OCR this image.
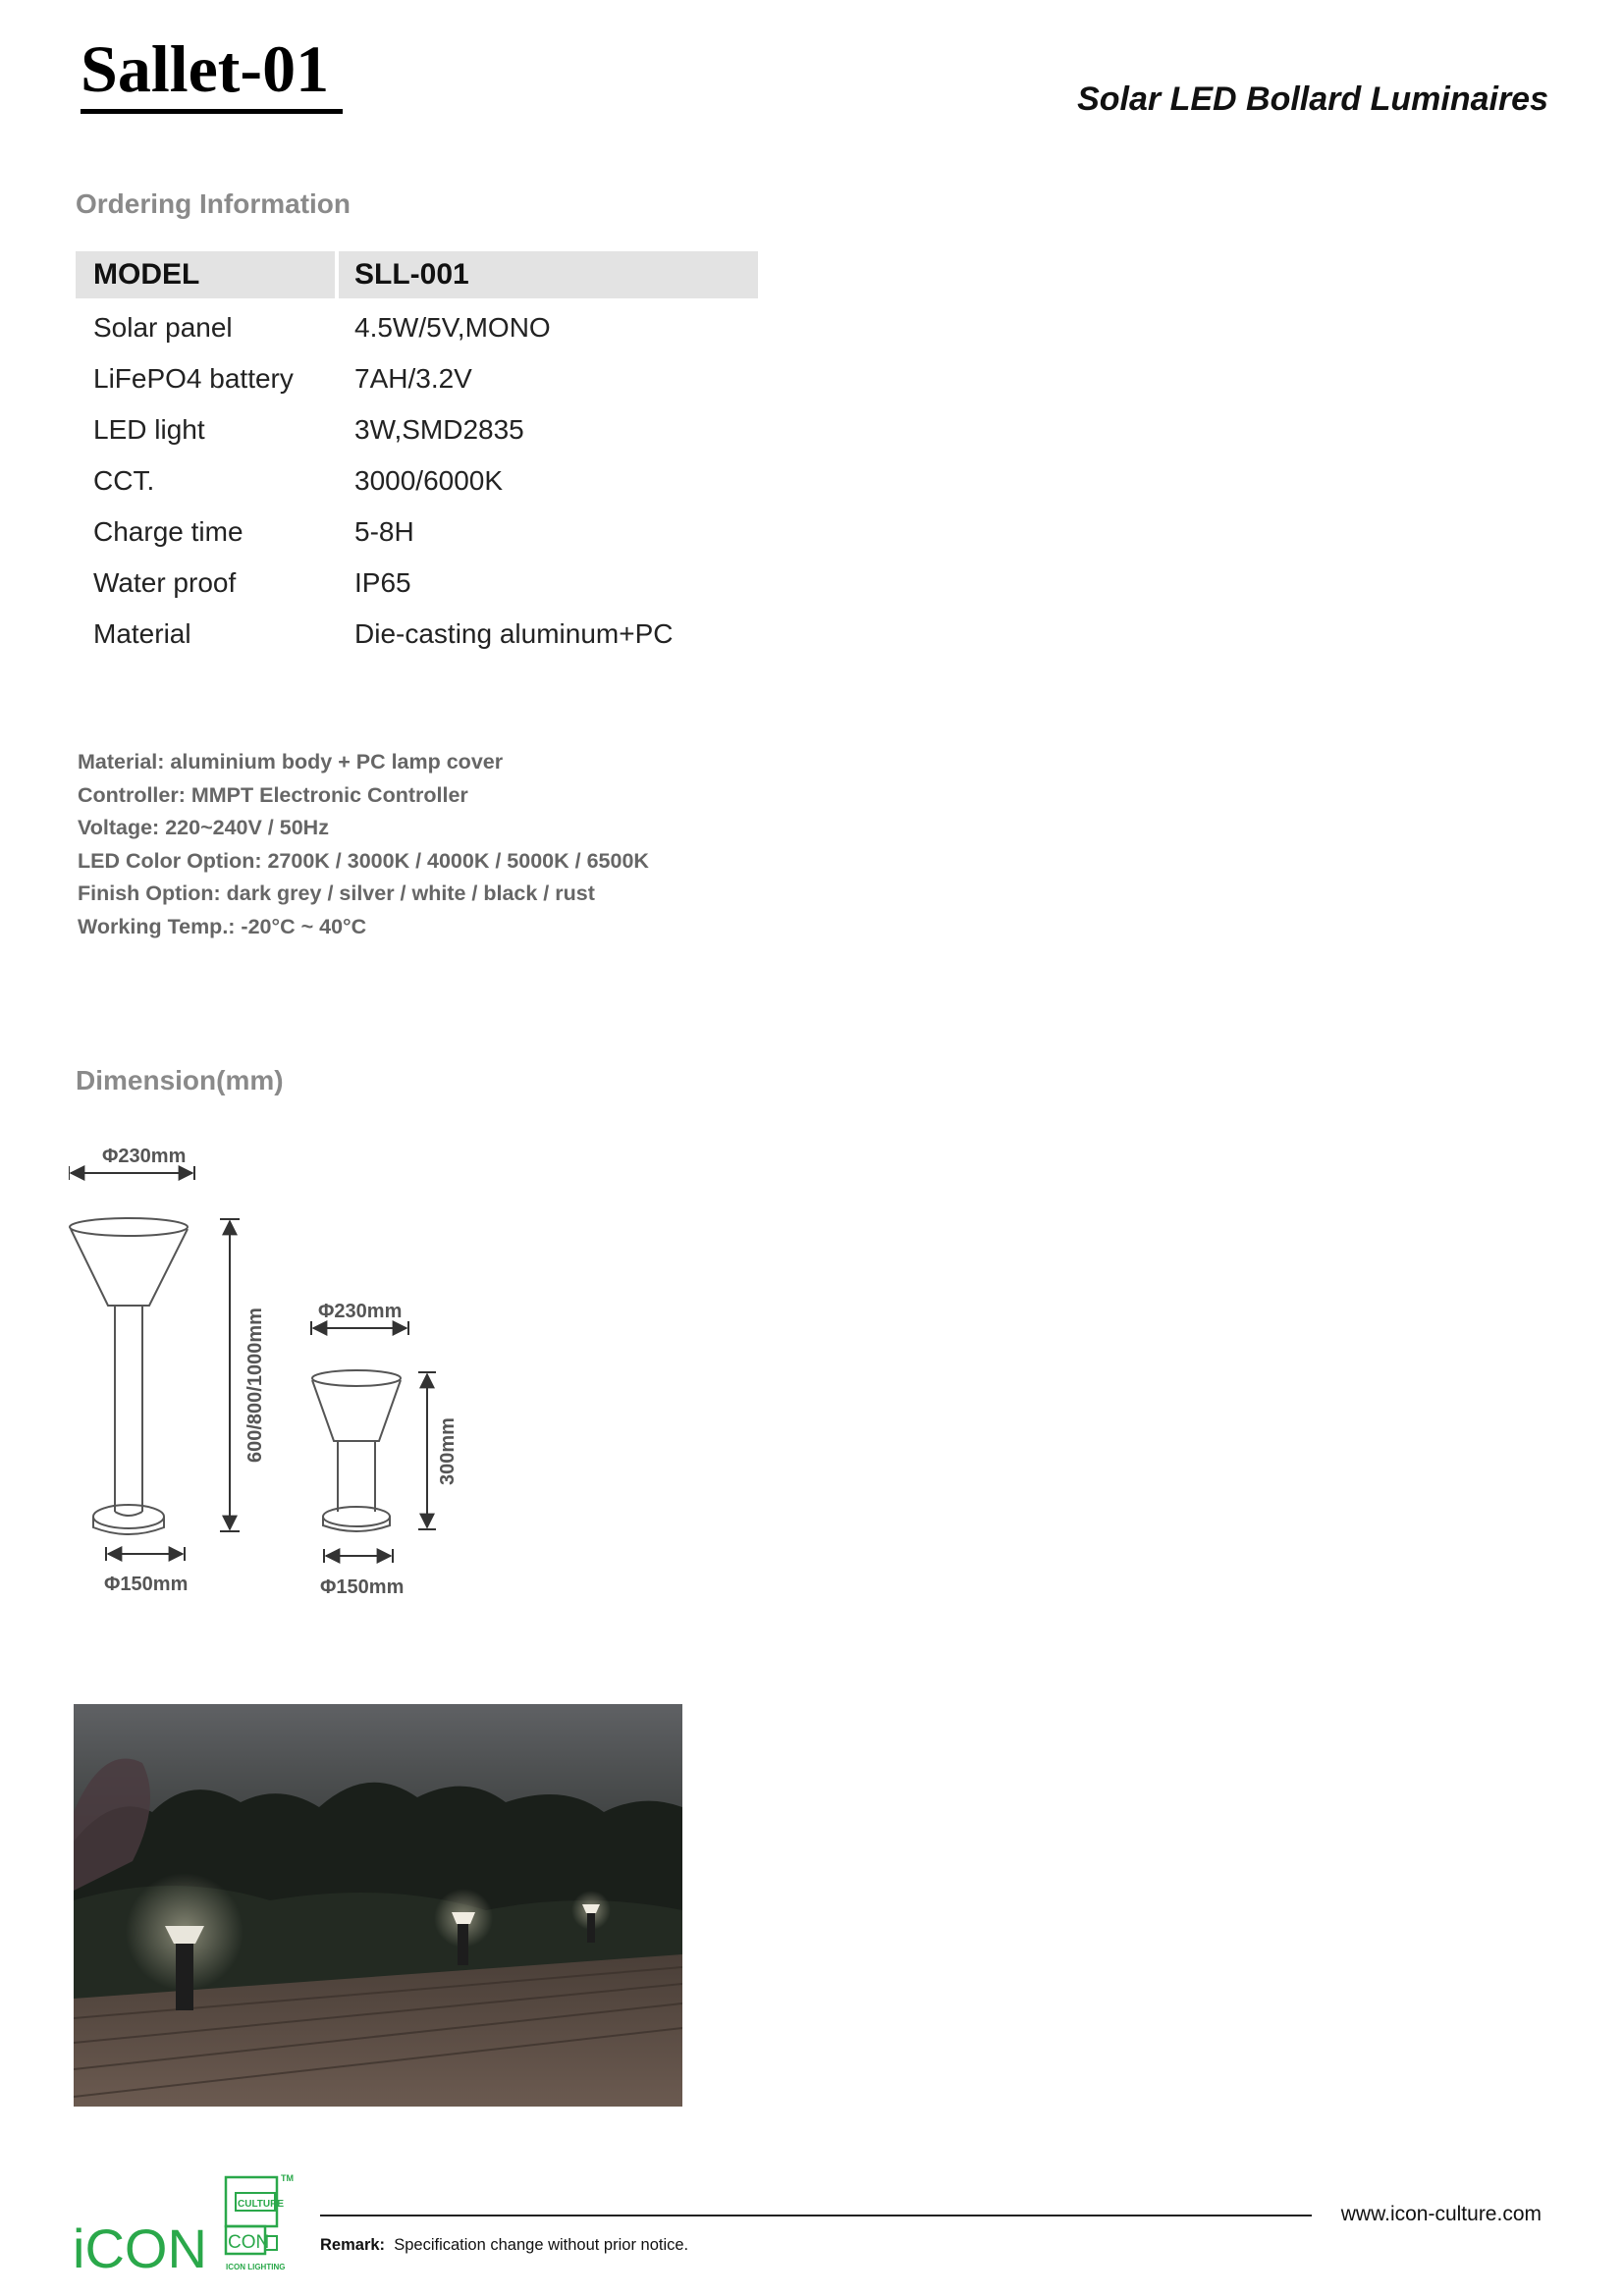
Sallet-01	Solar LED Bollard Luminaires
Ordering Information
MODEL	SLL-001
Solar panel	4.5W/5V,MONO
LiFePO4 battery	7AH/3.2V
LED light	3W,SMD2835
CCT.	3000/6000K
Charge time	5-8H
Water proof	IP65
Material	Die-casting aluminum+PC
Material: aluminium body + PC lamp cover
Controller: MMPT Electronic Controller
Voltage: 220~240V / 50Hz
LED Color Option: 2700K / 3000K / 4000K / 5000K / 6500K
Finish Option: dark grey / silver / white / black / rust
Working Temp.: -20°C ~ 40°C
Dimension(mm)
Φ230mm
600/800/1000mm
Φ150mm
Φ230mm
300mm
Φ150mm
iCON
CULTURE
CON
ICON LIGHTING
TM
www.icon-culture.com
Remark: Specification change without prior notice.
